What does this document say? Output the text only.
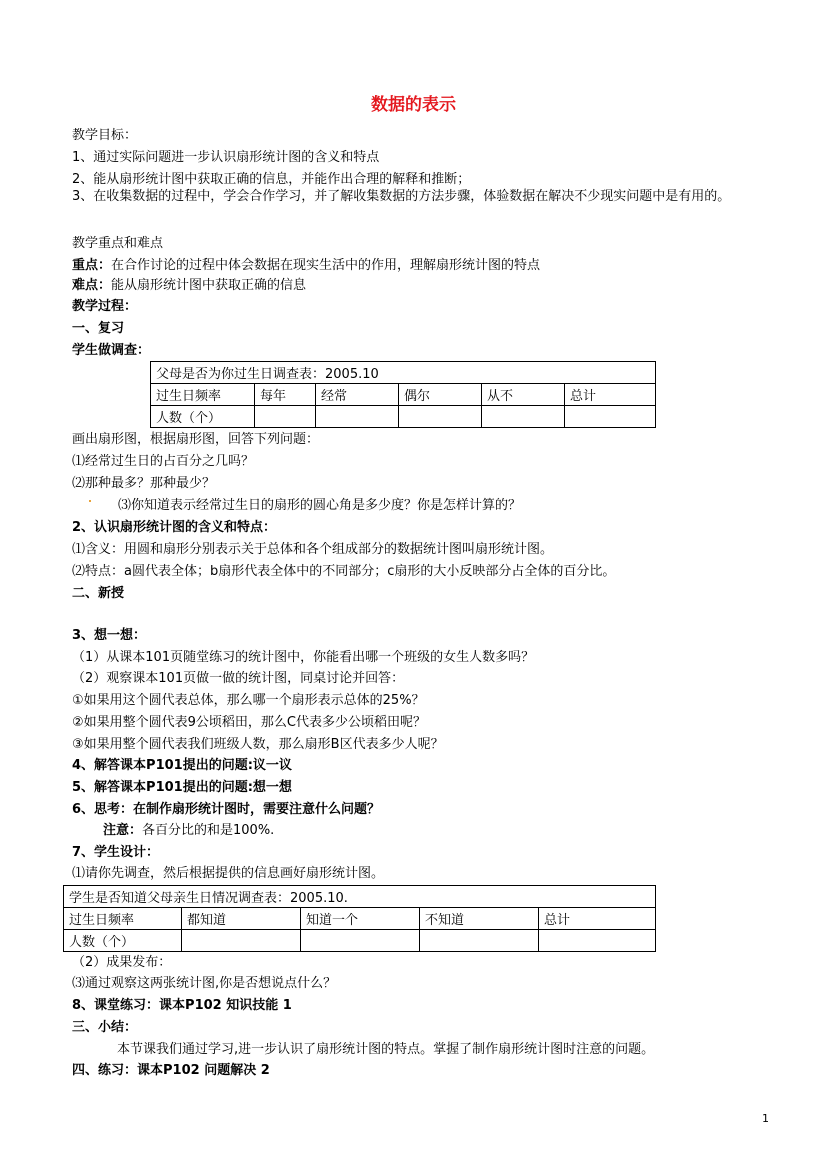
数据的表示
教学目标：
1、通过实际问题进一步认识扇形统计图的含义和特点
2、能从扇形统计图中获取正确的信息，并能作出合理的解释和推断；
3、在收集数据的过程中，学会合作学习，并了解收集数据的方法步骤，体验数据在解决不少现实问题中是有用的。
教学重点和难点
重点：在合作讨论的过程中体会数据在现实生活中的作用，理解扇形统计图的特点
难点：能从扇形统计图中获取正确的信息
教学过程：
一、复习
学生做调查：
父母是否为你过生日调查表：2005.10					
过生日频率	每年	经常	偶尔	从不	总计
人数（个）					
画出扇形图，根据扇形图，回答下列问题：
⑴经常过生日的占百分之几吗？
⑵那种最多？那种最少？
⑶你知道表示经常过生日的扇形的圆心角是多少度？你是怎样计算的？
2、认识扇形统计图的含义和特点：
⑴含义：用圆和扇形分别表示关于总体和各个组成部分的数据统计图叫扇形统计图。
⑵特点：a圆代表全体；b扇形代表全体中的不同部分；c扇形的大小反映部分占全体的百分比。
二、新授
3、想一想：
（1）从课本101页随堂练习的统计图中，你能看出哪一个班级的女生人数多吗？
（2）观察课本101页做一做的统计图，同桌讨论并回答：
①如果用这个圆代表总体，那么哪一个扇形表示总体的25%？
②如果用整个圆代表9公顷稻田，那么C代表多少公顷稻田呢？
③如果用整个圆代表我们班级人数，那么扇形B区代表多少人呢？
4、解答课本P101提出的问题:议一议
5、解答课本P101提出的问题:想一想
6、思考：在制作扇形统计图时，需要注意什么问题？
注意：各百分比的和是100%.
7、学生设计：
⑴请你先调查，然后根据提供的信息画好扇形统计图。
学生是否知道父母亲生日情况调查表：2005.10.				
过生日频率	都知道	知道一个	不知道	总计
人数（个）				
（2）成果发布：
⑶通过观察这两张统计图,你是否想说点什么？
8、课堂练习：课本P102 知识技能 1
三、小结：
本节课我们通过学习,进一步认识了扇形统计图的特点。掌握了制作扇形统计图时注意的问题。
四、练习：课本P102 问题解决 2
1
